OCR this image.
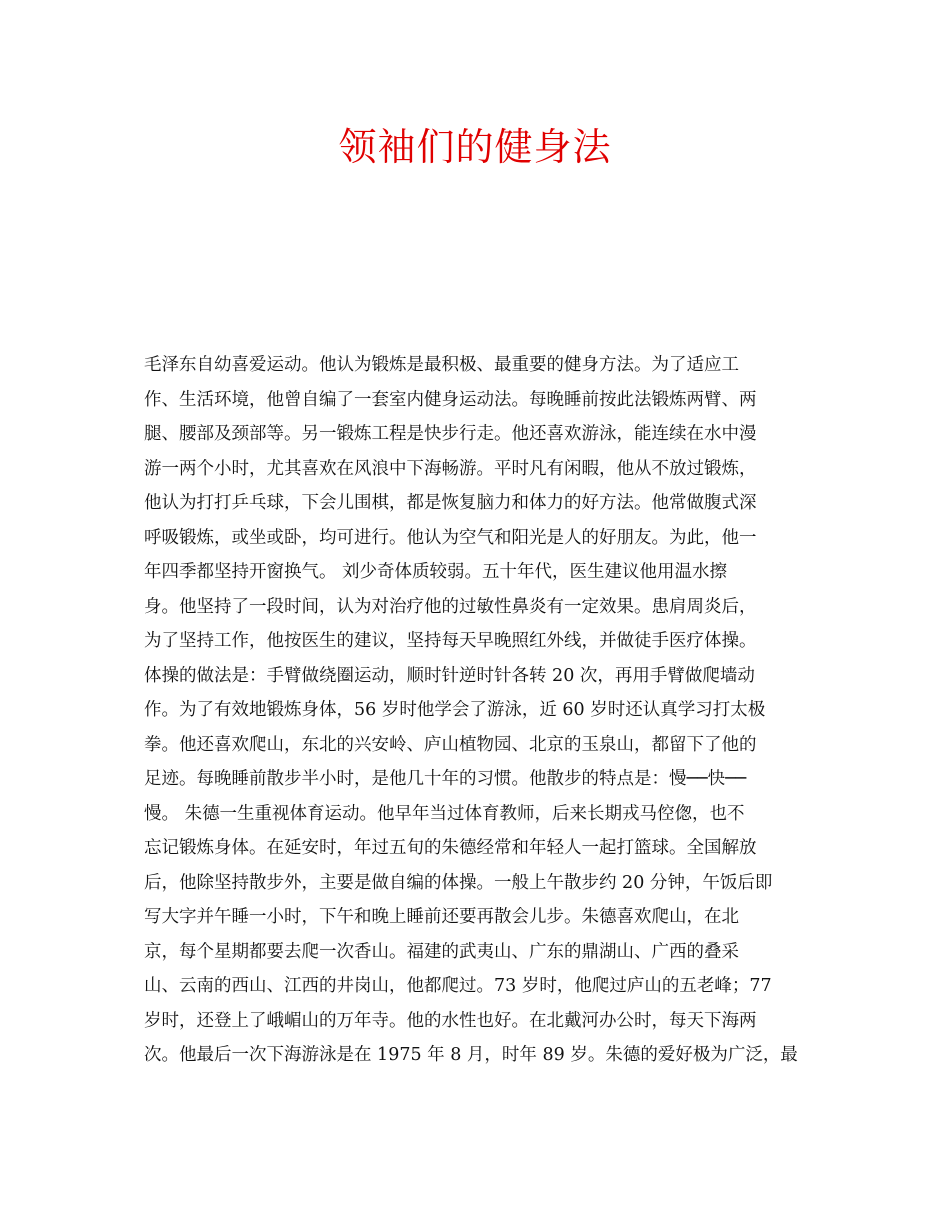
领袖们的健身法
毛泽东自幼喜爱运动。他认为锻炼是最积极、最重要的健身方法。为了适应工
作、生活环境，他曾自编了一套室内健身运动法。每晚睡前按此法锻炼两臂、两
腿、腰部及颈部等。另一锻炼工程是快步行走。他还喜欢游泳，能连续在水中漫
游一两个小时，尤其喜欢在风浪中下海畅游。平时凡有闲暇，他从不放过锻炼，
他认为打打乒乓球，下会儿围棋，都是恢复脑力和体力的好方法。他常做腹式深
呼吸锻炼，或坐或卧，均可进行。他认为空气和阳光是人的好朋友。为此，他一
年四季都坚持开窗换气。 刘少奇体质较弱。五十年代，医生建议他用温水擦
身。他坚持了一段时间，认为对治疗他的过敏性鼻炎有一定效果。患肩周炎后，
为了坚持工作，他按医生的建议，坚持每天早晚照红外线，并做徒手医疗体操。
体操的做法是：手臂做绕圈运动，顺时针逆时针各转 20 次，再用手臂做爬墙动
作。为了有效地锻炼身体，56 岁时他学会了游泳，近 60 岁时还认真学习打太极
拳。他还喜欢爬山，东北的兴安岭、庐山植物园、北京的玉泉山，都留下了他的
足迹。每晚睡前散步半小时，是他几十年的习惯。他散步的特点是：慢──快──
慢。 朱德一生重视体育运动。他早年当过体育教师，后来长期戎马倥偬，也不
忘记锻炼身体。在延安时，年过五旬的朱德经常和年轻人一起打篮球。全国解放
后，他除坚持散步外，主要是做自编的体操。一般上午散步约 20 分钟，午饭后即
写大字并午睡一小时，下午和晚上睡前还要再散会儿步。朱德喜欢爬山，在北
京，每个星期都要去爬一次香山。福建的武夷山、广东的鼎湖山、广西的叠采
山、云南的西山、江西的井岗山，他都爬过。73 岁时，他爬过庐山的五老峰；77
岁时，还登上了峨嵋山的万年寺。他的水性也好。在北戴河办公时，每天下海两
次。他最后一次下海游泳是在 1975 年 8 月，时年 89 岁。朱德的爱好极为广泛，最
